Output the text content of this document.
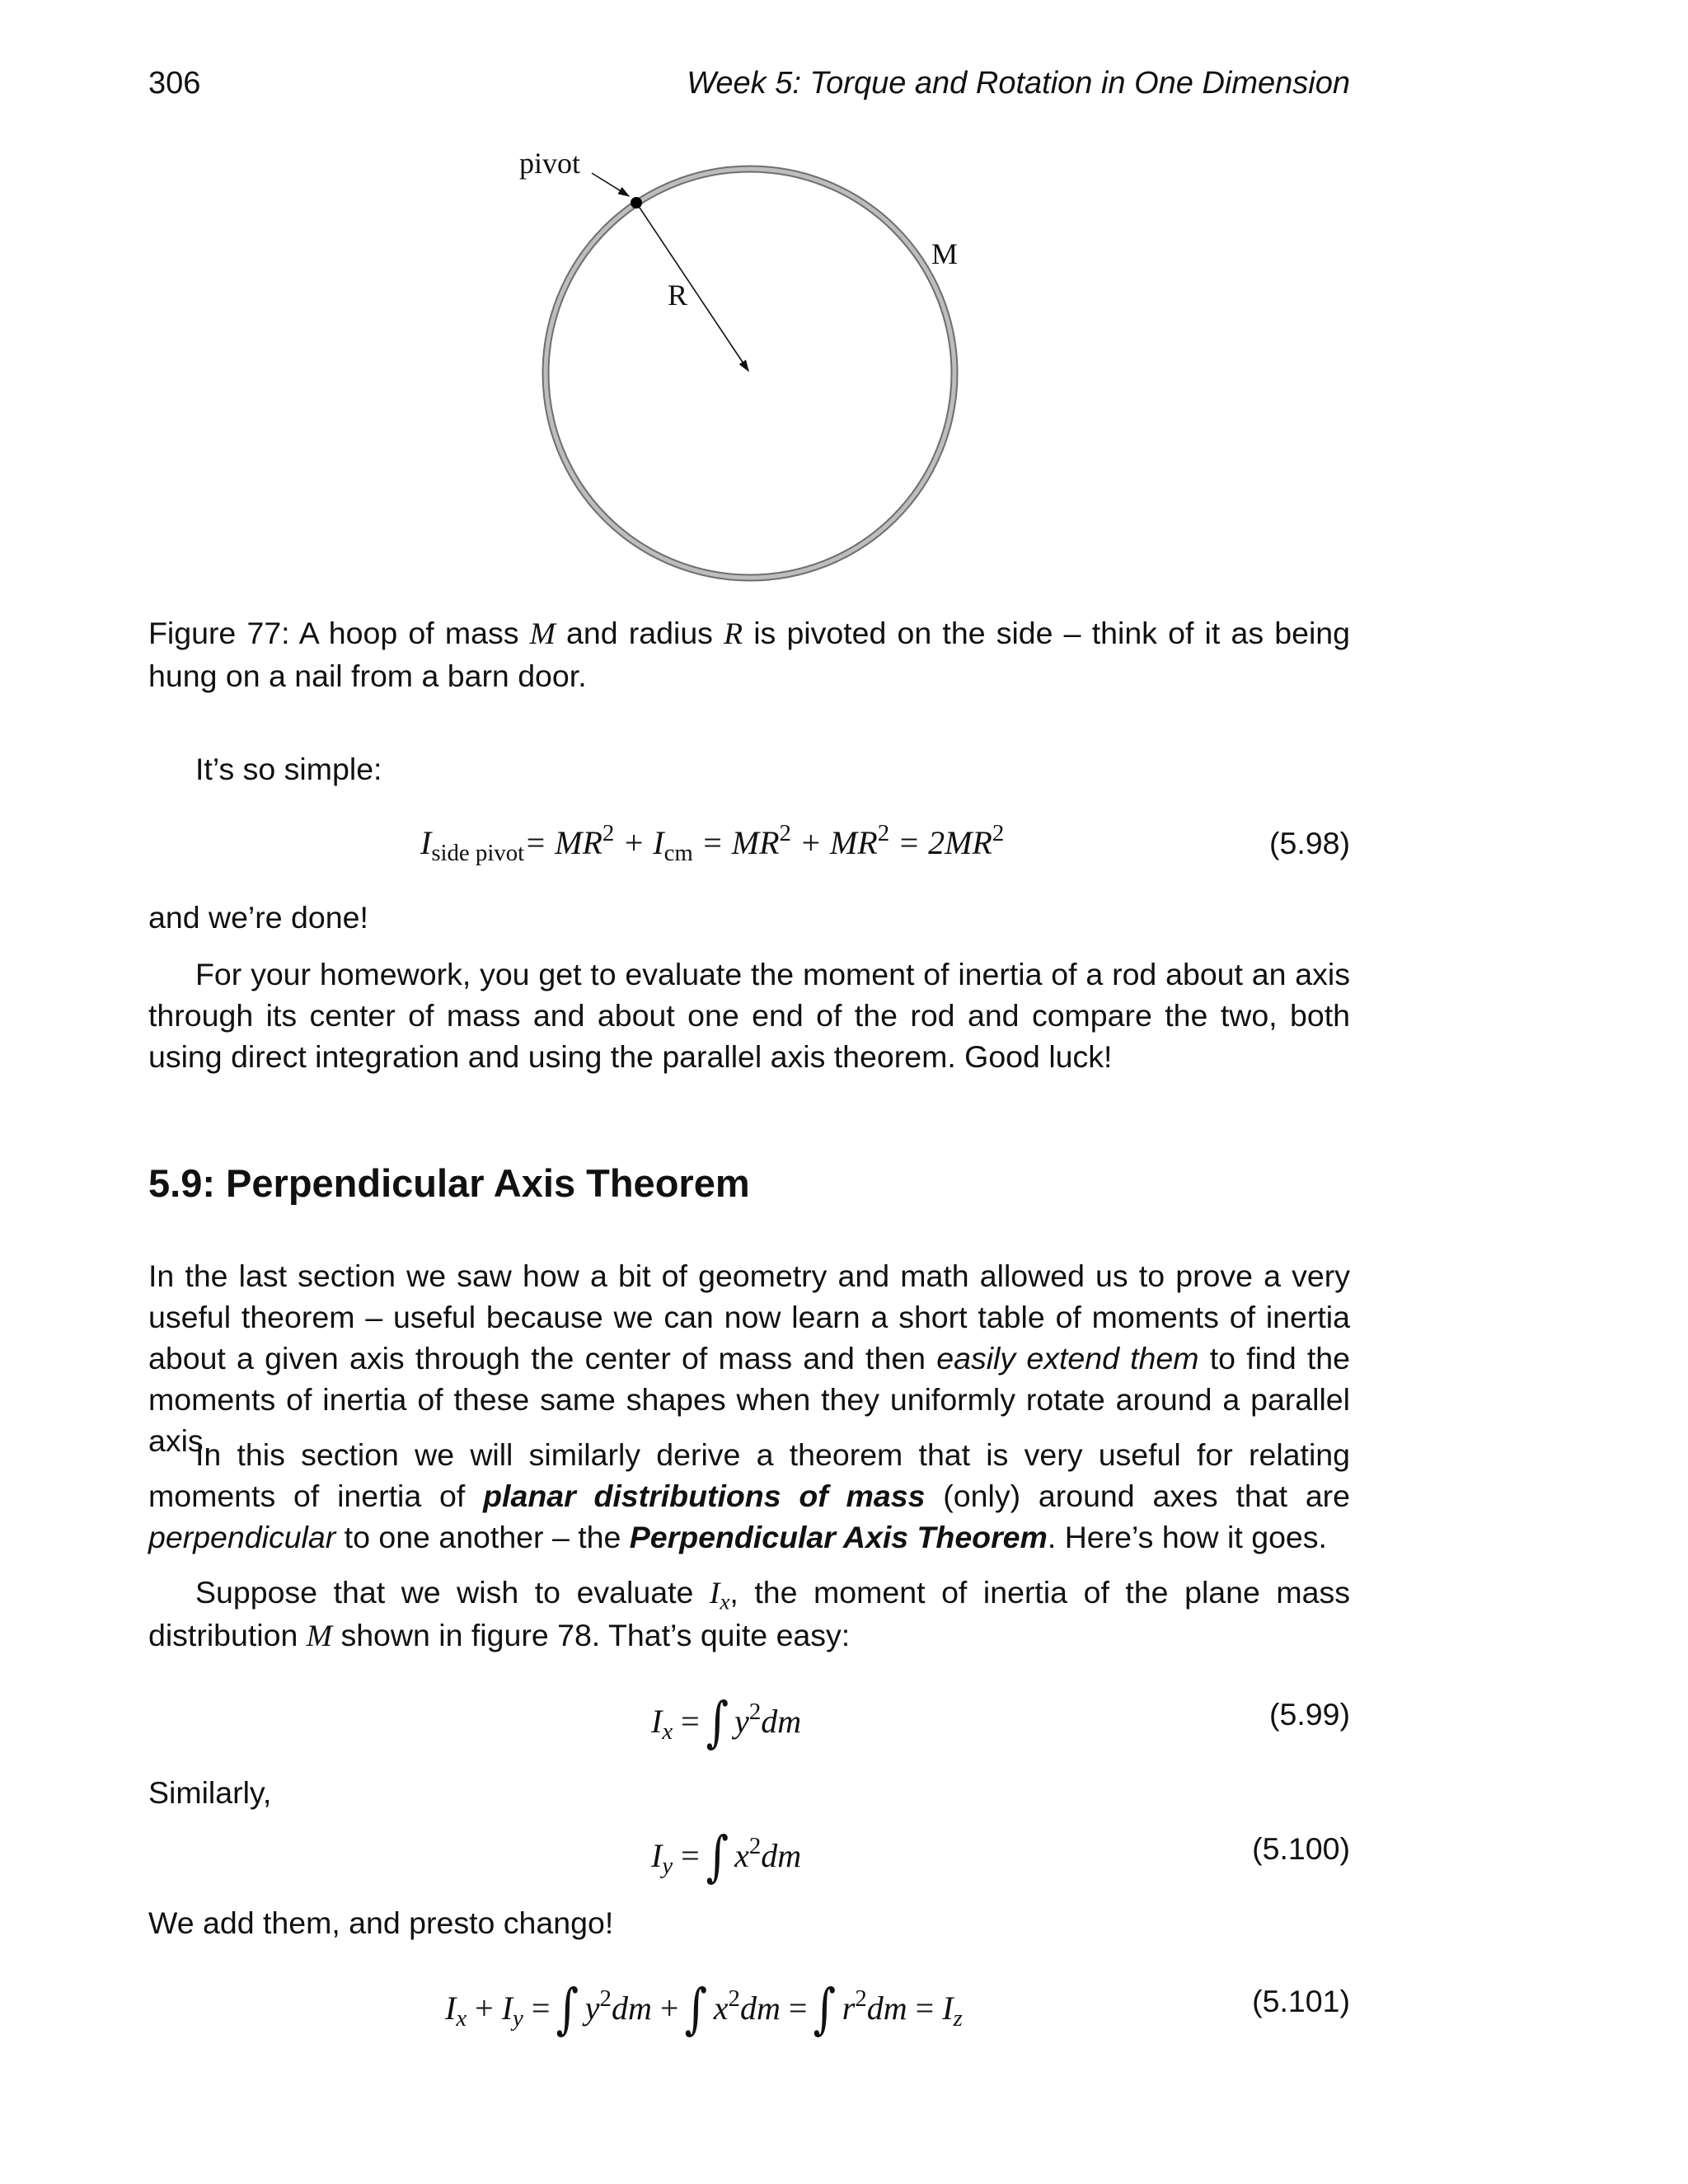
306	Week 5: Torque and Rotation in One Dimension
pivot
M
R

Figure 77: A hoop of mass M and radius R is pivoted on the side – think of it as being hung on a nail from a barn door.

It’s so simple:

$I_{side pivot}= MR^2 + I_{cm} = MR^2 + MR^2 = 2MR^2$	(5.98)

and we’re done!

For your homework, you get to evaluate the moment of inertia of a rod about an axis through its center of mass and about one end of the rod and compare the two, both using direct integration and using the parallel axis theorem. Good luck!

5.9: Perpendicular Axis Theorem

In the last section we saw how a bit of geometry and math allowed us to prove a very useful theorem – useful because we can now learn a short table of moments of inertia about a given axis through the center of mass and then easily extend them to find the moments of inertia of these same shapes when they uniformly rotate around a parallel axis.

In this section we will similarly derive a theorem that is very useful for relating moments of inertia of planar distributions of mass (only) around axes that are perpendicular to one another – the Perpendicular Axis Theorem. Here’s how it goes.

Suppose that we wish to evaluate $I_x$, the moment of inertia of the plane mass distribution M shown in figure 78. That’s quite easy:

$I_x$ = ∫ $y^2dm$	(5.99)

Similarly,

$I_y$ = ∫ $x^2dm$	(5.100)

We add them, and presto chango!

$I_x + I_y$ = ∫ $y^2dm$ + ∫ $x^2dm$ = ∫ $r^2dm = I_z$
(5.101)
